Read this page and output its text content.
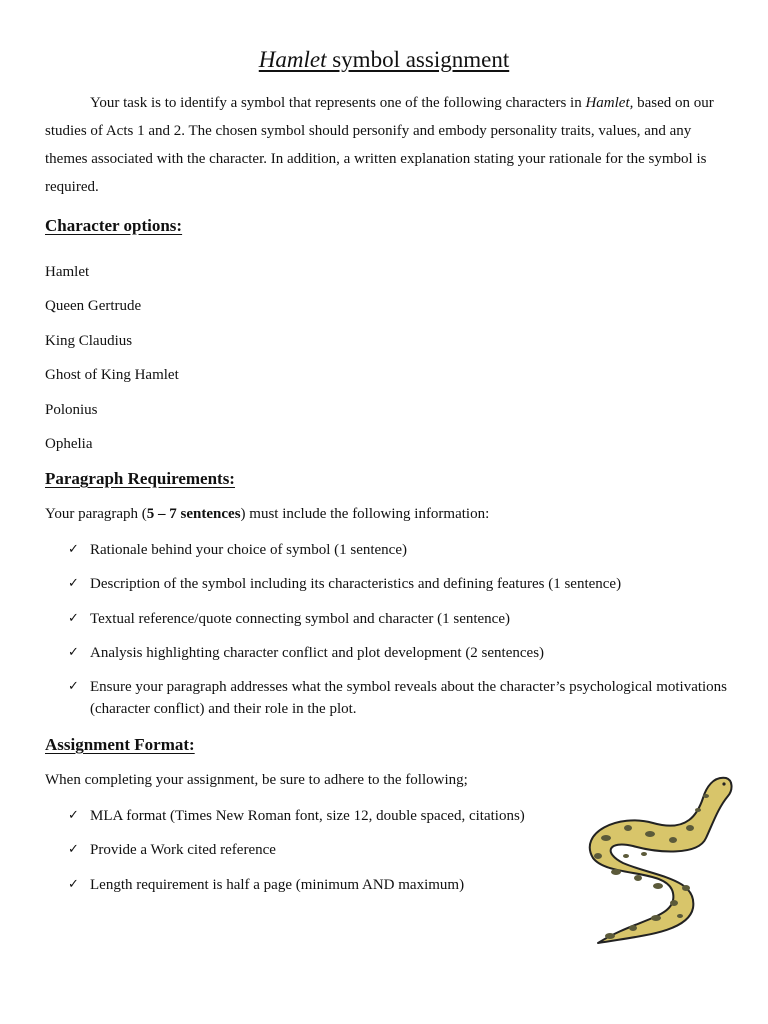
Hamlet symbol assignment

Your task is to identify a symbol that represents one of the following characters in Hamlet, based on our studies of Acts 1 and 2. The chosen symbol should personify and embody personality traits, values, and any themes associated with the character. In addition, a written explanation stating your rationale for the symbol is required.

Character options:
Hamlet
Queen Gertrude
King Claudius
Ghost of King Hamlet
Polonius
Ophelia
Paragraph Requirements:

Your paragraph (5 – 7 sentences) must include the following information:

✓ Rationale behind your choice of symbol (1 sentence)
✓ Description of the symbol including its characteristics and defining features (1 sentence)
✓ Textual reference/quote connecting symbol and character (1 sentence)
✓ Analysis highlighting character conflict and plot development (2 sentences)
✓ Ensure your paragraph addresses what the symbol reveals about the character’s psychological motivations (character conflict) and their role in the plot.
Assignment Format:

When completing your assignment, be sure to adhere to the following;

✓ MLA format (Times New Roman font, size 12, double spaced, citations)
✓ Provide a Work cited reference
✓ Length requirement is half a page (minimum AND maximum)
